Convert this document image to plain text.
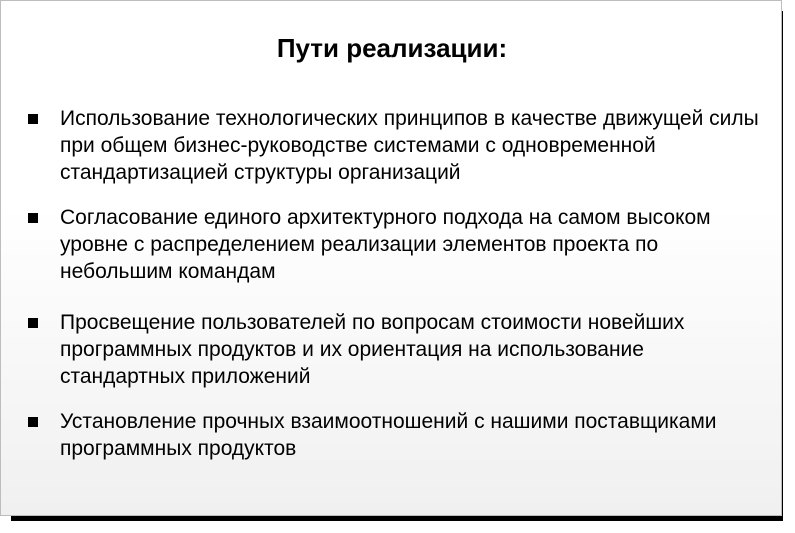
Пути реализации:
Использование технологических принципов в качестве движущей силы при общем бизнес-руководстве системами с одновременной стандартизацией структуры организаций
Согласование единого архитектурного подхода на самом высоком уровне с распределением реализации элементов проекта по небольшим командам
Просвещение пользователей по вопросам стоимости новейших программных продуктов и их ориентация на использование стандартных приложений
Установление прочных взаимоотношений с нашими поставщиками программных продуктов
